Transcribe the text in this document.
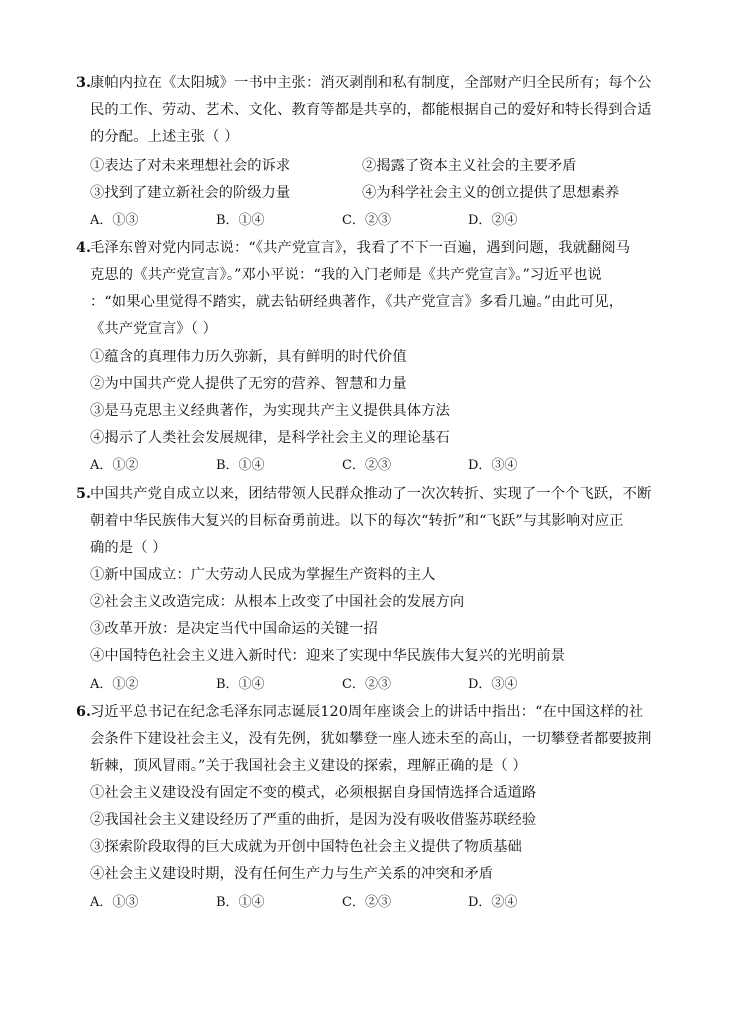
3.
康帕内拉在《太阳城》一书中主张：消灭剥削和私有制度，全部财产归全民所有；每个公
民的工作、劳动、艺术、文化、教育等都是共享的，都能根据自己的爱好和特长得到合适
的分配。上述主张（ ）
①表达了对未来理想社会的诉求	②揭露了资本主义社会的主要矛盾
③找到了建立新社会的阶级力量	④为科学社会主义的创立提供了思想素养
A．①③	B．①④	C．②③	D．②④
4.
毛泽东曾对党内同志说：“《共产党宣言》，我看了不下一百遍，遇到问题，我就翻阅马
克思的《共产党宣言》。”邓小平说：“我的入门老师是《共产党宣言》。”习近平也说
：“如果心里觉得不踏实，就去钻研经典著作，《共产党宣言》多看几遍。”由此可见，
《共产党宣言》（ ）
①蕴含的真理伟力历久弥新，具有鲜明的时代价值
②为中国共产党人提供了无穷的营养、智慧和力量
③是马克思主义经典著作，为实现共产主义提供具体方法
④揭示了人类社会发展规律，是科学社会主义的理论基石
A．①②	B．①④	C．②③	D．③④
5.
中国共产党自成立以来，团结带领人民群众推动了一次次转折、实现了一个个飞跃，不断
朝着中华民族伟大复兴的目标奋勇前进。以下的每次“转折”和“飞跃”与其影响对应正
确的是（ ）
①新中国成立：广大劳动人民成为掌握生产资料的主人
②社会主义改造完成：从根本上改变了中国社会的发展方向
③改革开放：是决定当代中国命运的关键一招
④中国特色社会主义进入新时代：迎来了实现中华民族伟大复兴的光明前景
A．①②	B．①④	C．②③	D．③④
6.
习近平总书记在纪念毛泽东同志诞辰120周年座谈会上的讲话中指出：“在中国这样的社
会条件下建设社会主义，没有先例，犹如攀登一座人迹未至的高山，一切攀登者都要披荆
斩棘，顶风冒雨。”关于我国社会主义建设的探索，理解正确的是（ ）
①社会主义建设没有固定不变的模式，必须根据自身国情选择合适道路
②我国社会主义建设经历了严重的曲折，是因为没有吸收借鉴苏联经验
③探索阶段取得的巨大成就为开创中国特色社会主义提供了物质基础
④社会主义建设时期，没有任何生产力与生产关系的冲突和矛盾
A．①③	B．①④	C．②③	D．②④
